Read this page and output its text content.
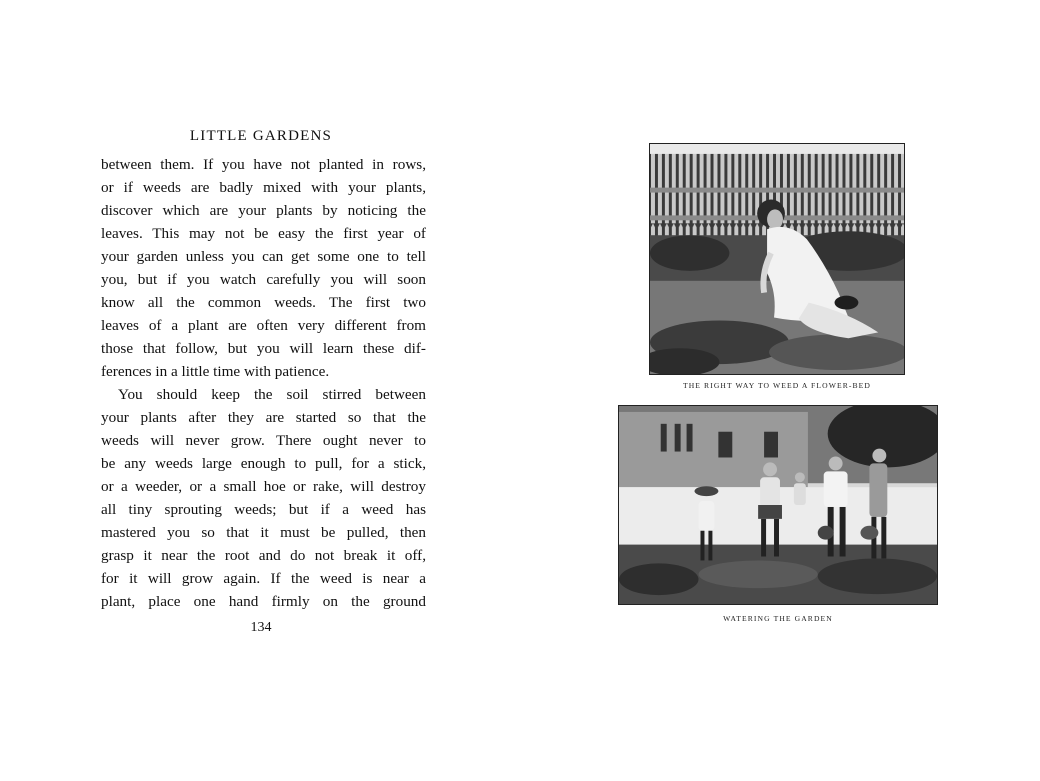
LITTLE GARDENS
between them. If you have not planted in rows,
or if weeds are badly mixed with your plants,
discover which are your plants by noticing the
leaves. This may not be easy the first year of
your garden unless you can get some one to tell
you, but if you watch carefully you will soon
know all the common weeds. The first two
leaves of a plant are often very different from
those that follow, but you will learn these dif-
ferences in a little time with patience.
You should keep the soil stirred between
your plants after they are started so that the
weeds will never grow. There ought never to
be any weeds large enough to pull, for a stick,
or a weeder, or a small hoe or rake, will destroy
all tiny sprouting weeds; but if a weed has
mastered you so that it must be pulled, then
grasp it near the root and do not break it off,
for it will grow again. If the weed is near a
plant, place one hand firmly on the ground
134
THE RIGHT WAY TO WEED A FLOWER-BED
WATERING THE GARDEN
